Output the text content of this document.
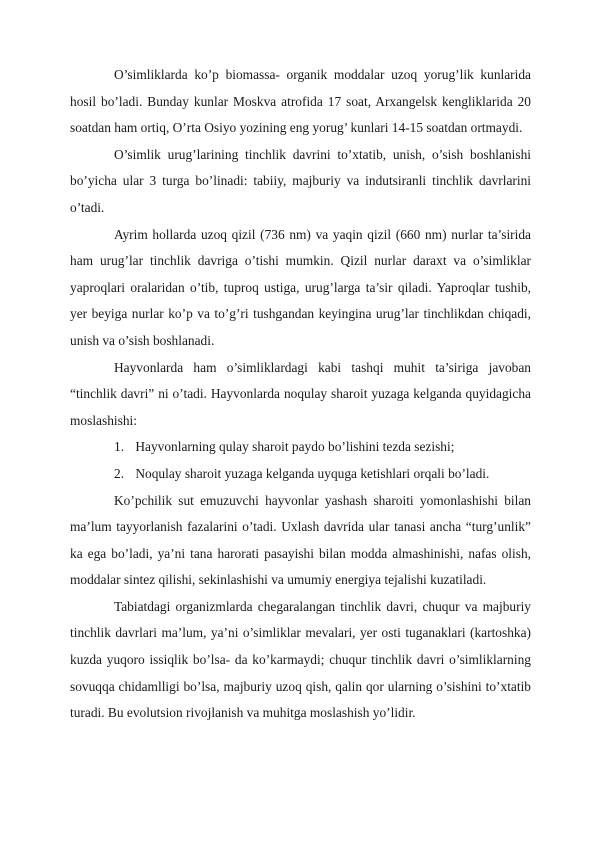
O’simliklarda ko’p biomassa- organik moddalar uzoq yorug’lik kunlarida hosil bo’ladi. Bunday kunlar Moskva atrofida 17 soat, Arxangelsk kengliklarida 20 soatdan ham ortiq, O’rta Osiyo yozining eng yorug’ kunlari 14-15 soatdan ortmaydi.

O’simlik urug’larining tinchlik davrini to’xtatib, unish, o’sish boshlanishi bo’yicha ular 3 turga bo’linadi: tabiiy, majburiy va indutsiranli tinchlik davrlarini o’tadi.

Ayrim hollarda uzoq qizil (736 nm) va yaqin qizil (660 nm) nurlar ta’sirida ham urug’lar tinchlik davriga o’tishi mumkin. Qizil nurlar daraxt va o’simliklar yaproqlari oralaridan o’tib, tuproq ustiga, urug’larga ta’sir qiladi. Yaproqlar tushib, yer beyiga nurlar ko’p va to’g’ri tushgandan keyingina urug’lar tinchlikdan chiqadi, unish va o’sish boshlanadi.

Hayvonlarda ham o’simliklardagi kabi tashqi muhit ta’siriga javoban “tinchlik davri” ni o’tadi. Hayvonlarda noqulay sharoit yuzaga kelganda quyidagicha moslashishi:

1. Hayvonlarning qulay sharoit paydo bo’lishini tezda sezishi;
2. Noqulay sharoit yuzaga kelganda uyquga ketishlari orqali bo’ladi.

Ko’pchilik sut emuzuvchi hayvonlar yashash sharoiti yomonlashishi bilan ma’lum tayyorlanish fazalarini o’tadi. Uxlash davrida ular tanasi ancha “turg’unlik” ka ega bo’ladi, ya’ni tana harorati pasayishi bilan modda almashinishi, nafas olish, moddalar sintez qilishi, sekinlashishi va umumiy energiya tejalishi kuzatiladi.

Tabiatdagi organizmlarda chegaralangan tinchlik davri, chuqur va majburiy tinchlik davrlari ma’lum, ya’ni o’simliklar mevalari, yer osti tuganaklari (kartoshka) kuzda yuqoro issiqlik bo’lsa- da ko’karmaydi; chuqur tinchlik davri o’simliklarning sovuqqa chidamlligi bo’lsa, majburiy uzoq qish, qalin qor ularning o’sishini to’xtatib turadi. Bu evolutsion rivojlanish va muhitga moslashish yo’lidir.
